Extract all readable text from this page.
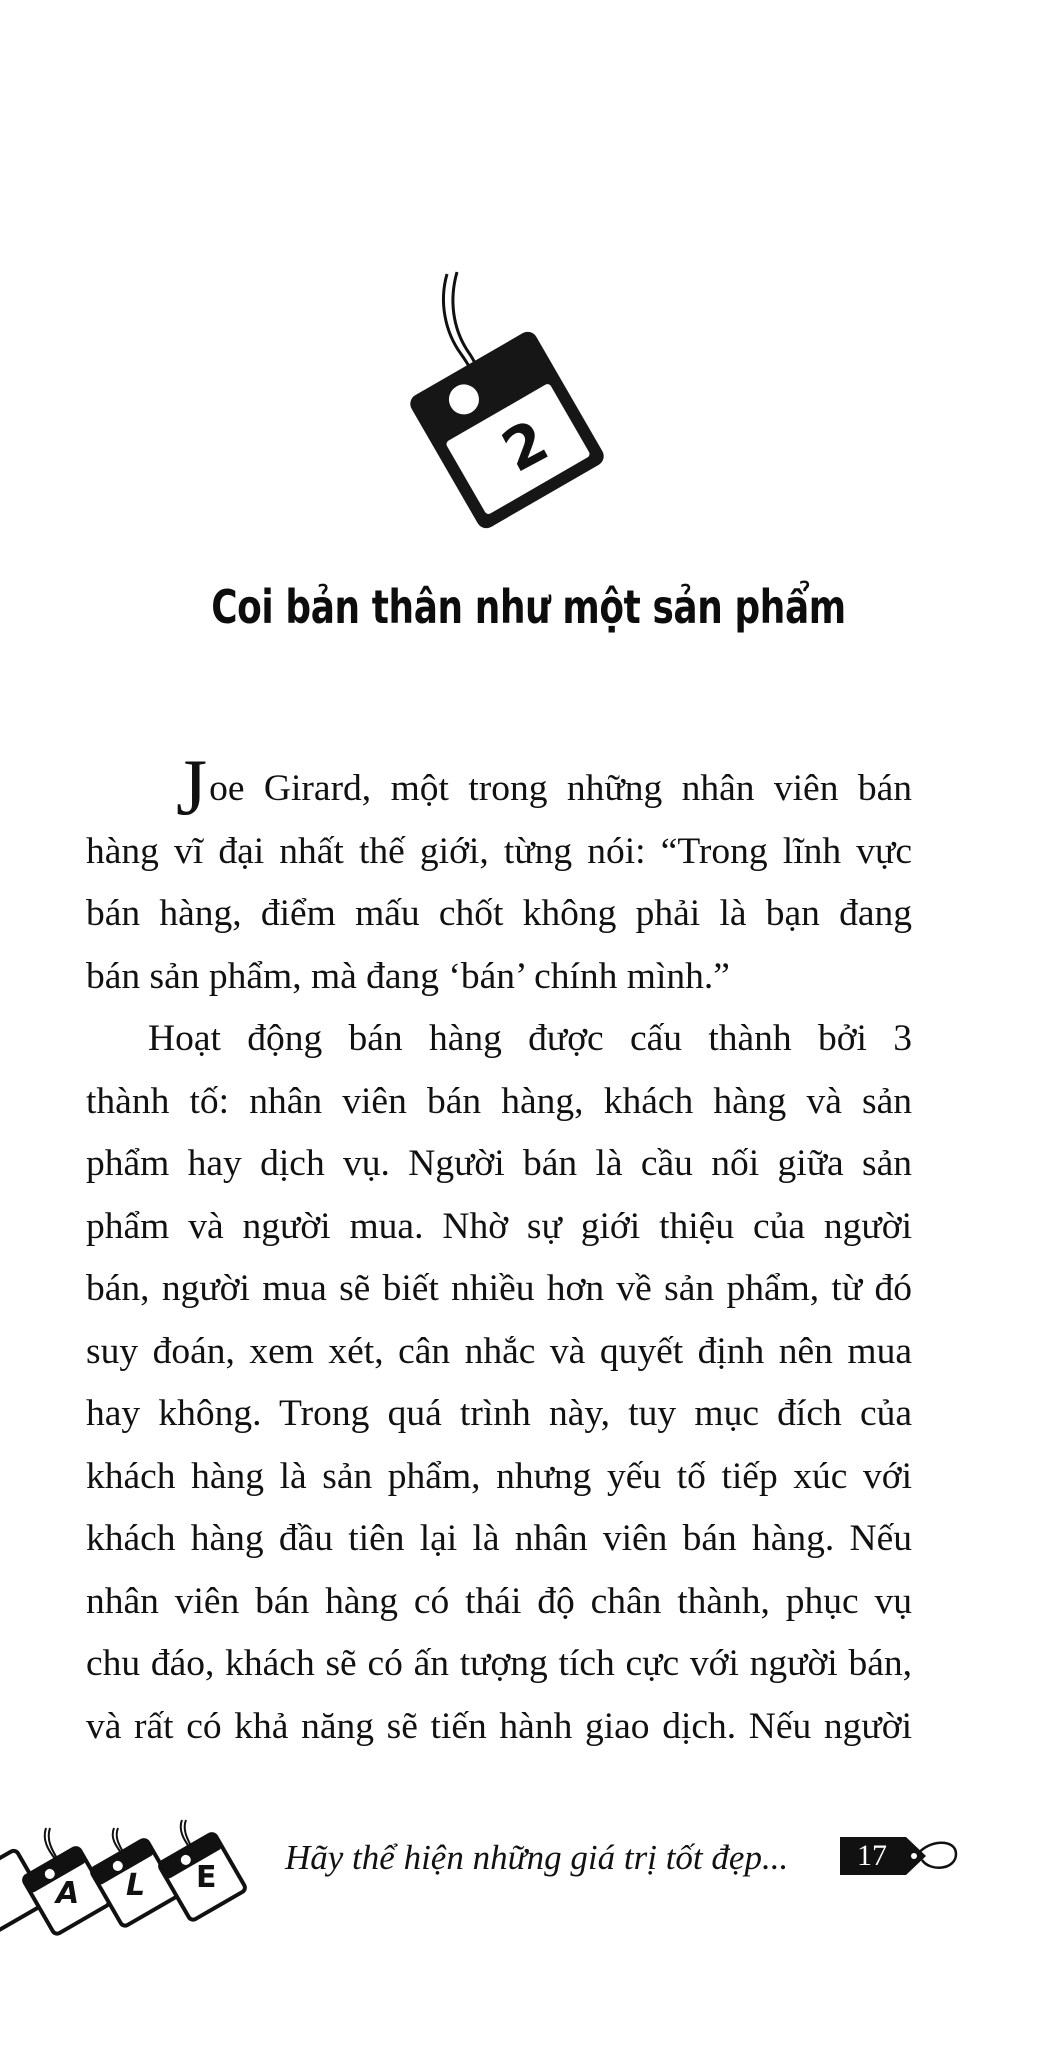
2
Coi bản thân như một sản phẩm
Joe Girard, một trong những nhân viên bán
hàng vĩ đại nhất thế giới, từng nói: “Trong lĩnh vực
bán hàng, điểm mấu chốt không phải là bạn đang
bán sản phẩm, mà đang ‘bán’ chính mình.”
Hoạt động bán hàng được cấu thành bởi 3
thành tố: nhân viên bán hàng, khách hàng và sản
phẩm hay dịch vụ. Người bán là cầu nối giữa sản
phẩm và người mua. Nhờ sự giới thiệu của người
bán, người mua sẽ biết nhiều hơn về sản phẩm, từ đó
suy đoán, xem xét, cân nhắc và quyết định nên mua
hay không. Trong quá trình này, tuy mục đích của
khách hàng là sản phẩm, nhưng yếu tố tiếp xúc với
khách hàng đầu tiên lại là nhân viên bán hàng. Nếu
nhân viên bán hàng có thái độ chân thành, phục vụ
chu đáo, khách sẽ có ấn tượng tích cực với người bán,
và rất có khả năng sẽ tiến hành giao dịch. Nếu người
A L E
Hãy thể hiện những giá trị tốt đẹp... 17
